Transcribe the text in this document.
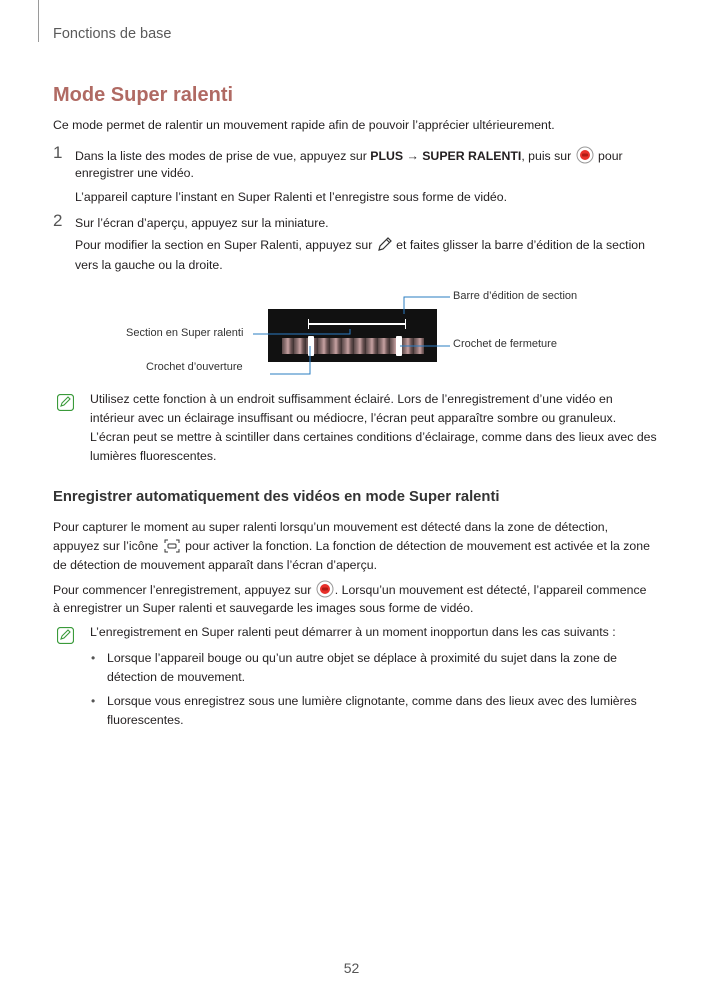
Fonctions de base
Mode Super ralenti

Ce mode permet de ralentir un mouvement rapide afin de pouvoir l’apprécier ultérieurement.

1 Dans la liste des modes de prise de vue, appuyez sur PLUS → SUPER RALENTI, puis sur  pour

enregistrer une vidéo.

L’appareil capture l’instant en Super Ralenti et l’enregistre sous forme de vidéo.

2 Sur l’écran d’aperçu, appuyez sur la miniature.

Pour modifier la section en Super Ralenti, appuyez sur  et faites glisser la barre d’édition de la section

vers la gauche ou la droite.

Barre d’édition de section
Section en Super ralenti
Crochet de fermeture
Crochet d’ouverture

Utilisez cette fonction à un endroit suffisamment éclairé. Lors de l’enregistrement d’une vidéo en

intérieur avec un éclairage insuffisant ou médiocre, l’écran peut apparaître sombre ou granuleux.

L’écran peut se mettre à scintiller dans certaines conditions d’éclairage, comme dans des lieux avec des

lumières fluorescentes.

Enregistrer automatiquement des vidéos en mode Super ralenti

Pour capturer le moment au super ralenti lorsqu’un mouvement est détecté dans la zone de détection,

appuyez sur l’icône  pour activer la fonction. La fonction de détection de mouvement est activée et la zone

de détection de mouvement apparaît dans l’écran d’aperçu.

Pour commencer l’enregistrement, appuyez sur . Lorsqu’un mouvement est détecté, l’appareil commence

à enregistrer un Super ralenti et sauvegarde les images sous forme de vidéo.

L’enregistrement en Super ralenti peut démarrer à un moment inopportun dans les cas suivants :

• Lorsque l’appareil bouge ou qu’un autre objet se déplace à proximité du sujet dans la zone de

détection de mouvement.

• Lorsque vous enregistrez sous une lumière clignotante, comme dans des lieux avec des lumières

fluorescentes.

52
